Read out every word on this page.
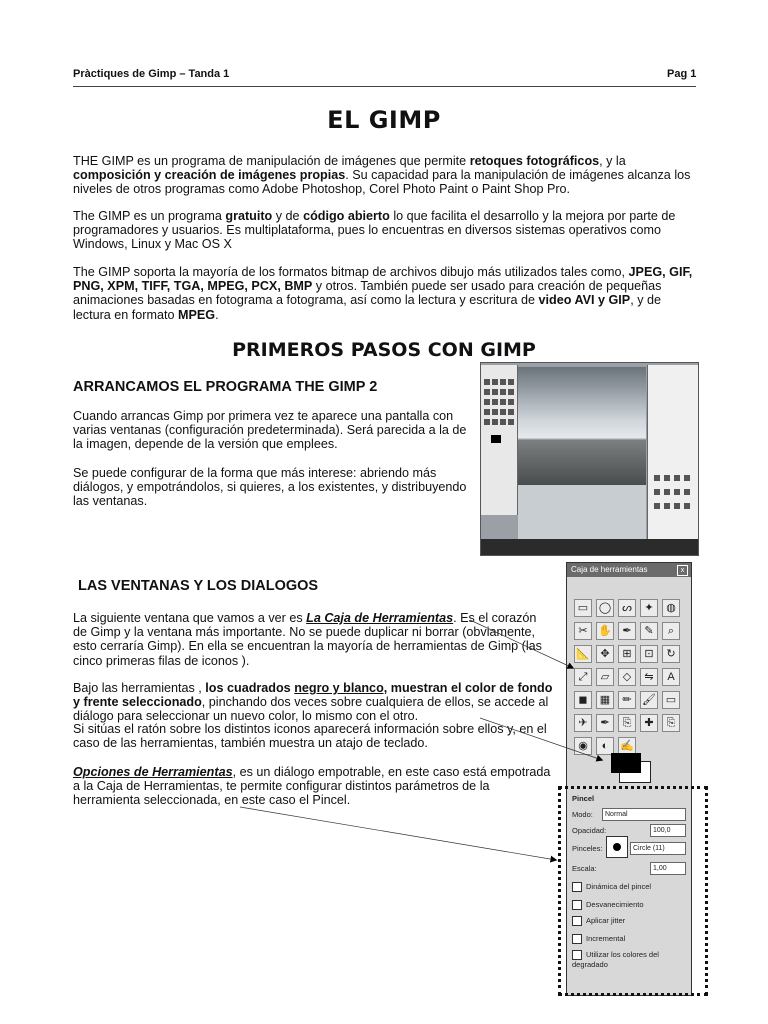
Pràctiques de Gimp – Tanda 1	Pag 1
EL GIMP
THE GIMP es un programa de manipulación de imágenes que permite retoques fotográficos, y la composición y creación de imágenes propias. Su capacidad para la manipulación de imágenes alcanza los niveles de otros programas como Adobe Photoshop, Corel Photo Paint o Paint Shop Pro.
The GIMP es un programa gratuito y de código abierto lo que facilita el desarrollo y la mejora por parte de programadores y usuarios. Es multiplataforma, pues lo encuentras en diversos sistemas operativos como Windows, Linux y Mac OS X
The GIMP soporta la mayoría de los formatos bitmap de archivos dibujo más utilizados tales como, JPEG, GIF, PNG, XPM, TIFF, TGA, MPEG, PCX, BMP y otros. También puede ser usado para creación de pequeñas animaciones basadas en fotograma a fotograma, así como la lectura y escritura de video AVI y GIP, y de lectura en formato MPEG.
PRIMEROS PASOS CON GIMP
ARRANCAMOS EL PROGRAMA THE GIMP 2
Cuando arrancas Gimp por primera vez te aparece una pantalla con varias ventanas (configuración predeterminada). Será parecida a la de la imagen, depende de la versión que emplees.
Se puede configurar de la forma que más interese: abriendo más diálogos, y empotrándolos, si quieres, a los existentes, y distribuyendo las ventanas.
LAS VENTANAS Y LOS DIALOGOS
La siguiente ventana que vamos a ver es La Caja de Herramientas. Es el corazón de Gimp y la ventana más importante. No se puede duplicar ni borrar (obviamente, esto cerraría Gimp). En ella se encuentran la mayoría de herramientas de Gimp (las cinco primeras filas de iconos ).
Bajo las herramientas , los cuadrados negro y blanco, muestran el color de fondo y frente seleccionado, pinchando dos veces sobre cualquiera de ellos, se accede al diálogo para seleccionar un nuevo color, lo mismo con el otro.
Si sitúas el ratón sobre los distintos iconos aparecerá información sobre ellos y, en el caso de las herramientas, también muestra un atajo de teclado.
Opciones de Herramientas, es un diálogo empotrable, en este caso está empotrada a la Caja de Herramientas, te permite configurar distintos parámetros de la herramienta seleccionada, en este caso el Pincel.
Caja de herramientas	x
▭ ◯ ᔕ	✦	◍
✂ ✋ ✒	✎	⌕
📐 ✥	⊞	⊡	↻
⤢	▱	◇	⇋	A
◼	▦	✏ 🖌 ▭
✈	✒	⎘	✚	⎘
◉	◐	✍
Pincel
Modo:	Normal
Opacidad:	100,0
Pinceles:	Circle (11)
Escala:	1,00
Dinámica del pincel
Desvanecimiento
Aplicar jitter
Incremental
Utilizar los colores del degradado
